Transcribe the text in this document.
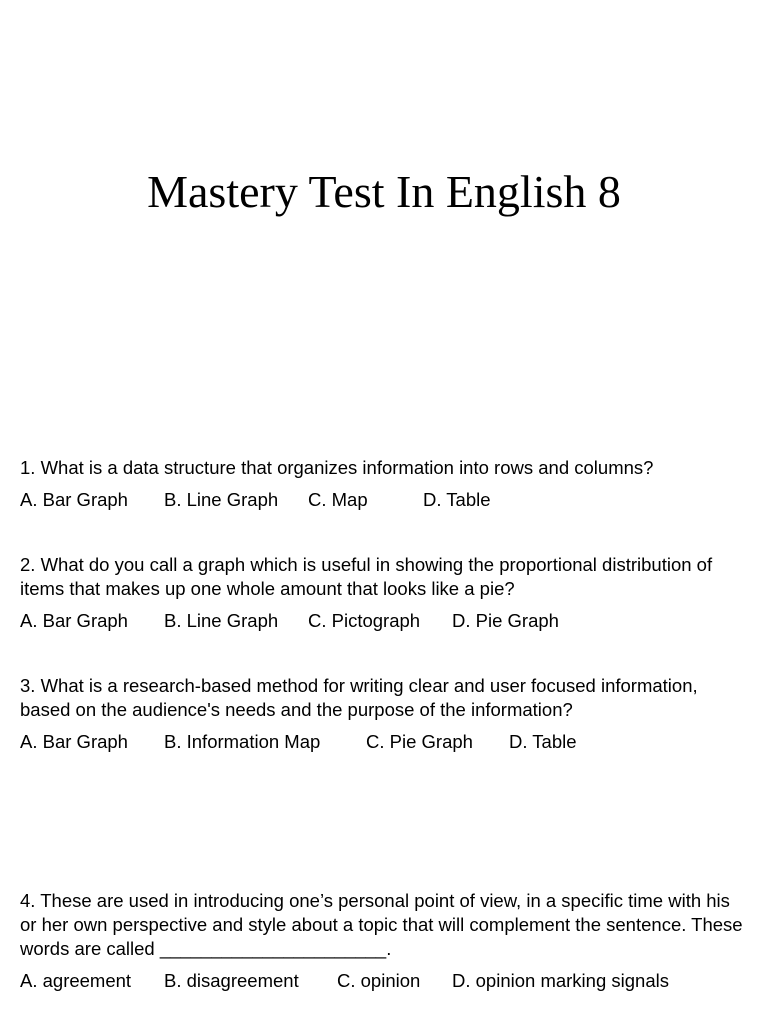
Mastery Test In English 8

1. What is a data structure that organizes information into rows and columns?

A. Bar Graph B. Line Graph C. Map	D. Table

2. What do you call a graph which is useful in showing the proportional distribution of items that makes up one whole amount that looks like a pie?

A. Bar Graph B. Line Graph C. Pictograph D. Pie Graph

3. What is a research-based method for writing clear and user focused information, based on the audience's needs and the purpose of the information?

A. Bar Graph B. Information Map C. Pie Graph D. Table

4. These are used in introducing one’s personal point of view, in a specific time with his or her own perspective and style about a topic that will complement the sentence. These words are called ______________________.

A. agreement B. disagreement C. opinion D. opinion marking signals
